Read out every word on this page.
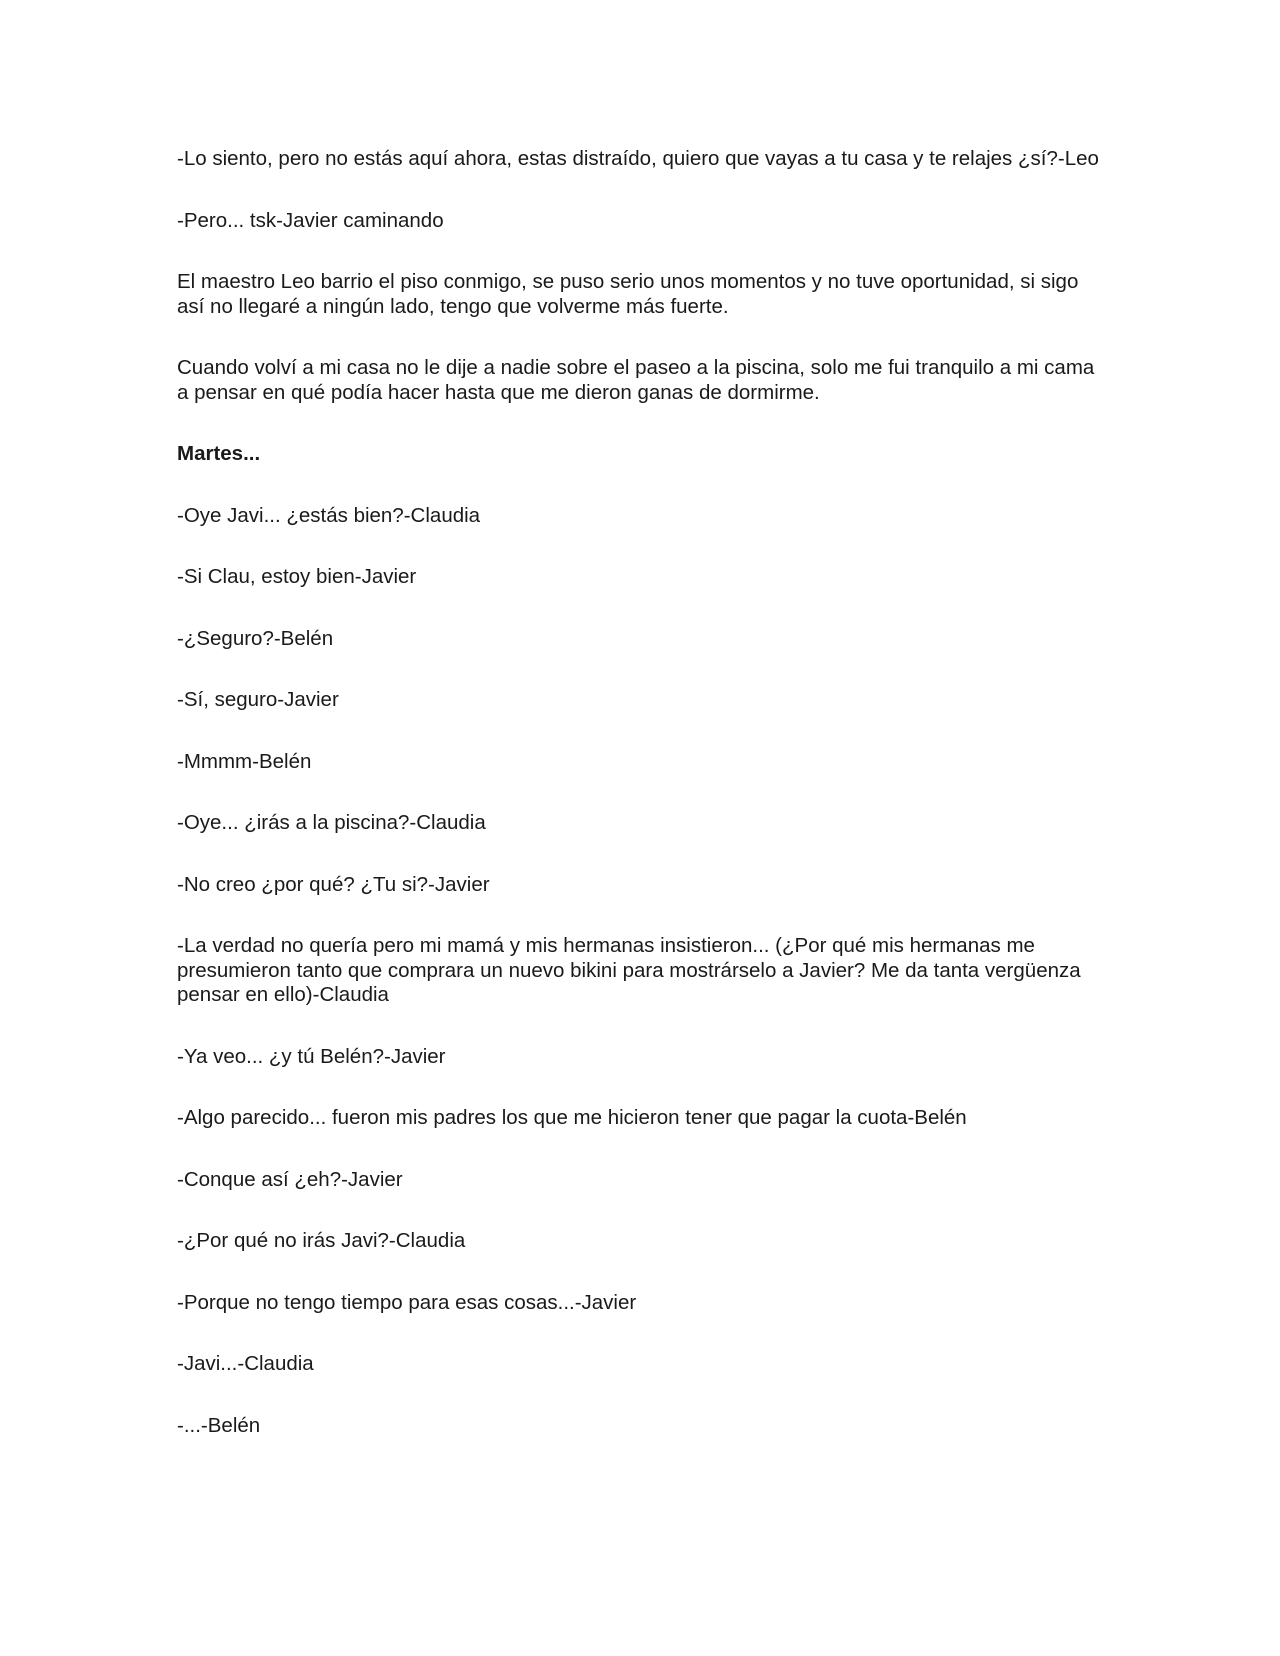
-Lo siento, pero no estás aquí ahora, estas distraído, quiero que vayas a tu casa y te relajes ¿sí?-Leo

-Pero... tsk-Javier caminando

El maestro Leo barrio el piso conmigo, se puso serio unos momentos y no tuve oportunidad, si sigo así no llegaré a ningún lado, tengo que volverme más fuerte.

Cuando volví a mi casa no le dije a nadie sobre el paseo a la piscina, solo me fui tranquilo a mi cama a pensar en qué podía hacer hasta que me dieron ganas de dormirme.

Martes...

-Oye Javi... ¿estás bien?-Claudia

-Si Clau, estoy bien-Javier

-¿Seguro?-Belén

-Sí, seguro-Javier

-Mmmm-Belén

-Oye... ¿irás a la piscina?-Claudia

-No creo ¿por qué? ¿Tu si?-Javier

-La verdad no quería pero mi mamá y mis hermanas insistieron... (¿Por qué mis hermanas me presumieron tanto que comprara un nuevo bikini para mostrárselo a Javier? Me da tanta vergüenza pensar en ello)-Claudia

-Ya veo... ¿y tú Belén?-Javier

-Algo parecido... fueron mis padres los que me hicieron tener que pagar la cuota-Belén

-Conque así ¿eh?-Javier

-¿Por qué no irás Javi?-Claudia

-Porque no tengo tiempo para esas cosas...-Javier

-Javi...-Claudia

-...-Belén
